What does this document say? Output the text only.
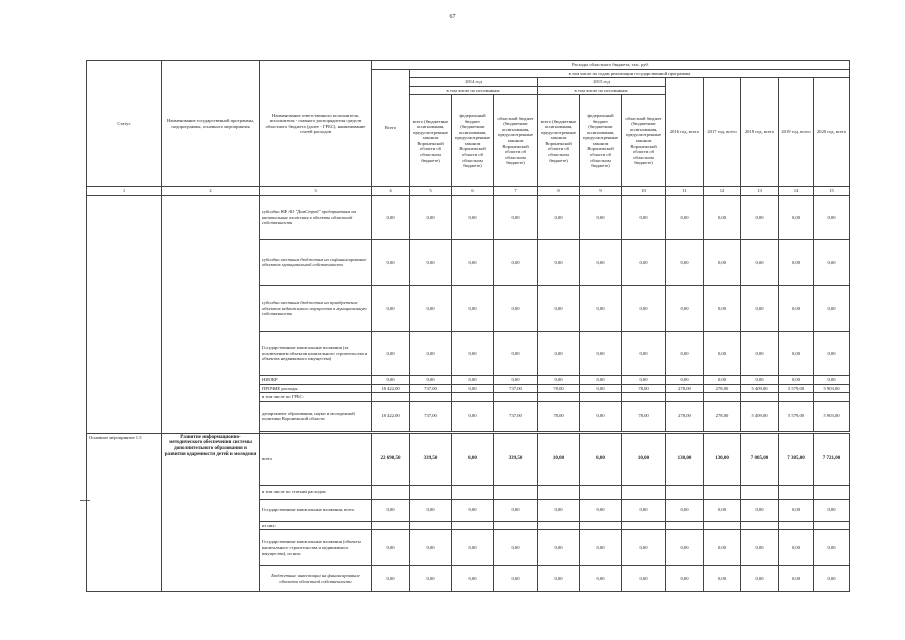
67
Статус	Наименование государственной программы, подпрограммы, основного мероприятия	Наименование ответственного исполнителя, исполнителя - главного распорядителя средств областного бюджета (далее - ГРБС), наименование статей расходов	Расходы областного бюджета, тыс. руб.											
			Всего	в том числе по годам реализации государственной программы										
				2014 год			2015 год			2016 год, всего	2017 год, всего	2018 год, всего	2019 год, всего	2020 год, всего
				в том числе по источникам:			в том числе по источникам:							
				всего (бюджетные ассигнования, предусмотренные законом Воронежской области об областном бюджете)	федеральный бюджет (бюджетные ассигнования, предусмотренные законом Воронежской области об областном бюджете)	областной бюджет (бюджетные ассигнования, предусмотренные законом Воронежской области об областном бюджете)	всего (бюджетные ассигнования, предусмотренные законом Воронежской области об областном бюджете)	федеральный бюджет (бюджетные ассигнования, предусмотренные законом Воронежской области об областном бюджете)	областной бюджет (бюджетные ассигнования, предусмотренные законом Воронежской области об областном бюджете)					
1	2	3	4	5	6	7	8	9	10	11	12	13	14	15
		субсидии КФ АО "ДомСтрой" предприятиям на капитальные вложения в объекты областной собственности	0,00	0,00	0,00	0,00	0,00	0,00	0,00	0,00	0,00	0,00	0,00	0,00
		субсидии местным бюджетам на софинансирование объектов муниципальной собственности	0,00	0,00	0,00	0,00	0,00	0,00	0,00	0,00	0,00	0,00	0,00	0,00
		субсидии местным бюджетам на приобретение объектов недвижимого имущества в муниципальную собственность	0,00	0,00	0,00	0,00	0,00	0,00	0,00	0,00	0,00	0,00	0,00	0,00
		Государственные капитальные вложения (за исключением объектов капитального строительства и объектов недвижимого имущества)	0,00	0,00	0,00	0,00	0,00	0,00	0,00	0,00	0,00	0,00	0,00	0,00
		НИОКР	0,00	0,00	0,00	0,00	0,00	0,00	0,00	0,00	0,00	0,00	0,00	0,00
		ПРОЧИЕ расходы	18 422,00	737,00	0,00	737,00	78,00	0,00	78,00	278,00	278,00	5 409,00	5 579,00	5 903,00
		в том числе по ГРБС:												
		департамент образования, науки и молодежной политики Воронежской области	18 422,00	737,00	0,00	737,00	78,00	0,00	78,00	278,00	278,00	5 409,00	5 579,00	5 903,00

Основное мероприятие 1.5	Развитие информационно-методического обеспечения системы дополнительного образования и развития одаренности детей и молодежи	всего	22 690,50	339,50	0,00	339,50	10,00	0,00	10,00	130,00	130,00	7 005,00	7 385,00	7 721,00
		в том числе по статьям расходов:												
		Государственные капитальные вложения, всего	0,00	0,00	0,00	0,00	0,00	0,00	0,00	0,00	0,00	0,00	0,00	0,00
		из них:												
		Государственные капитальные вложения (объекты капитального строительства и недвижимого имущества), из них:	0,00	0,00	0,00	0,00	0,00	0,00	0,00	0,00	0,00	0,00	0,00	0,00
		Бюджетные инвестиции на финансирование объектов областной собственности	0,00	0,00	0,00	0,00	0,00	0,00	0,00	0,00	0,00	0,00	0,00	0,00
